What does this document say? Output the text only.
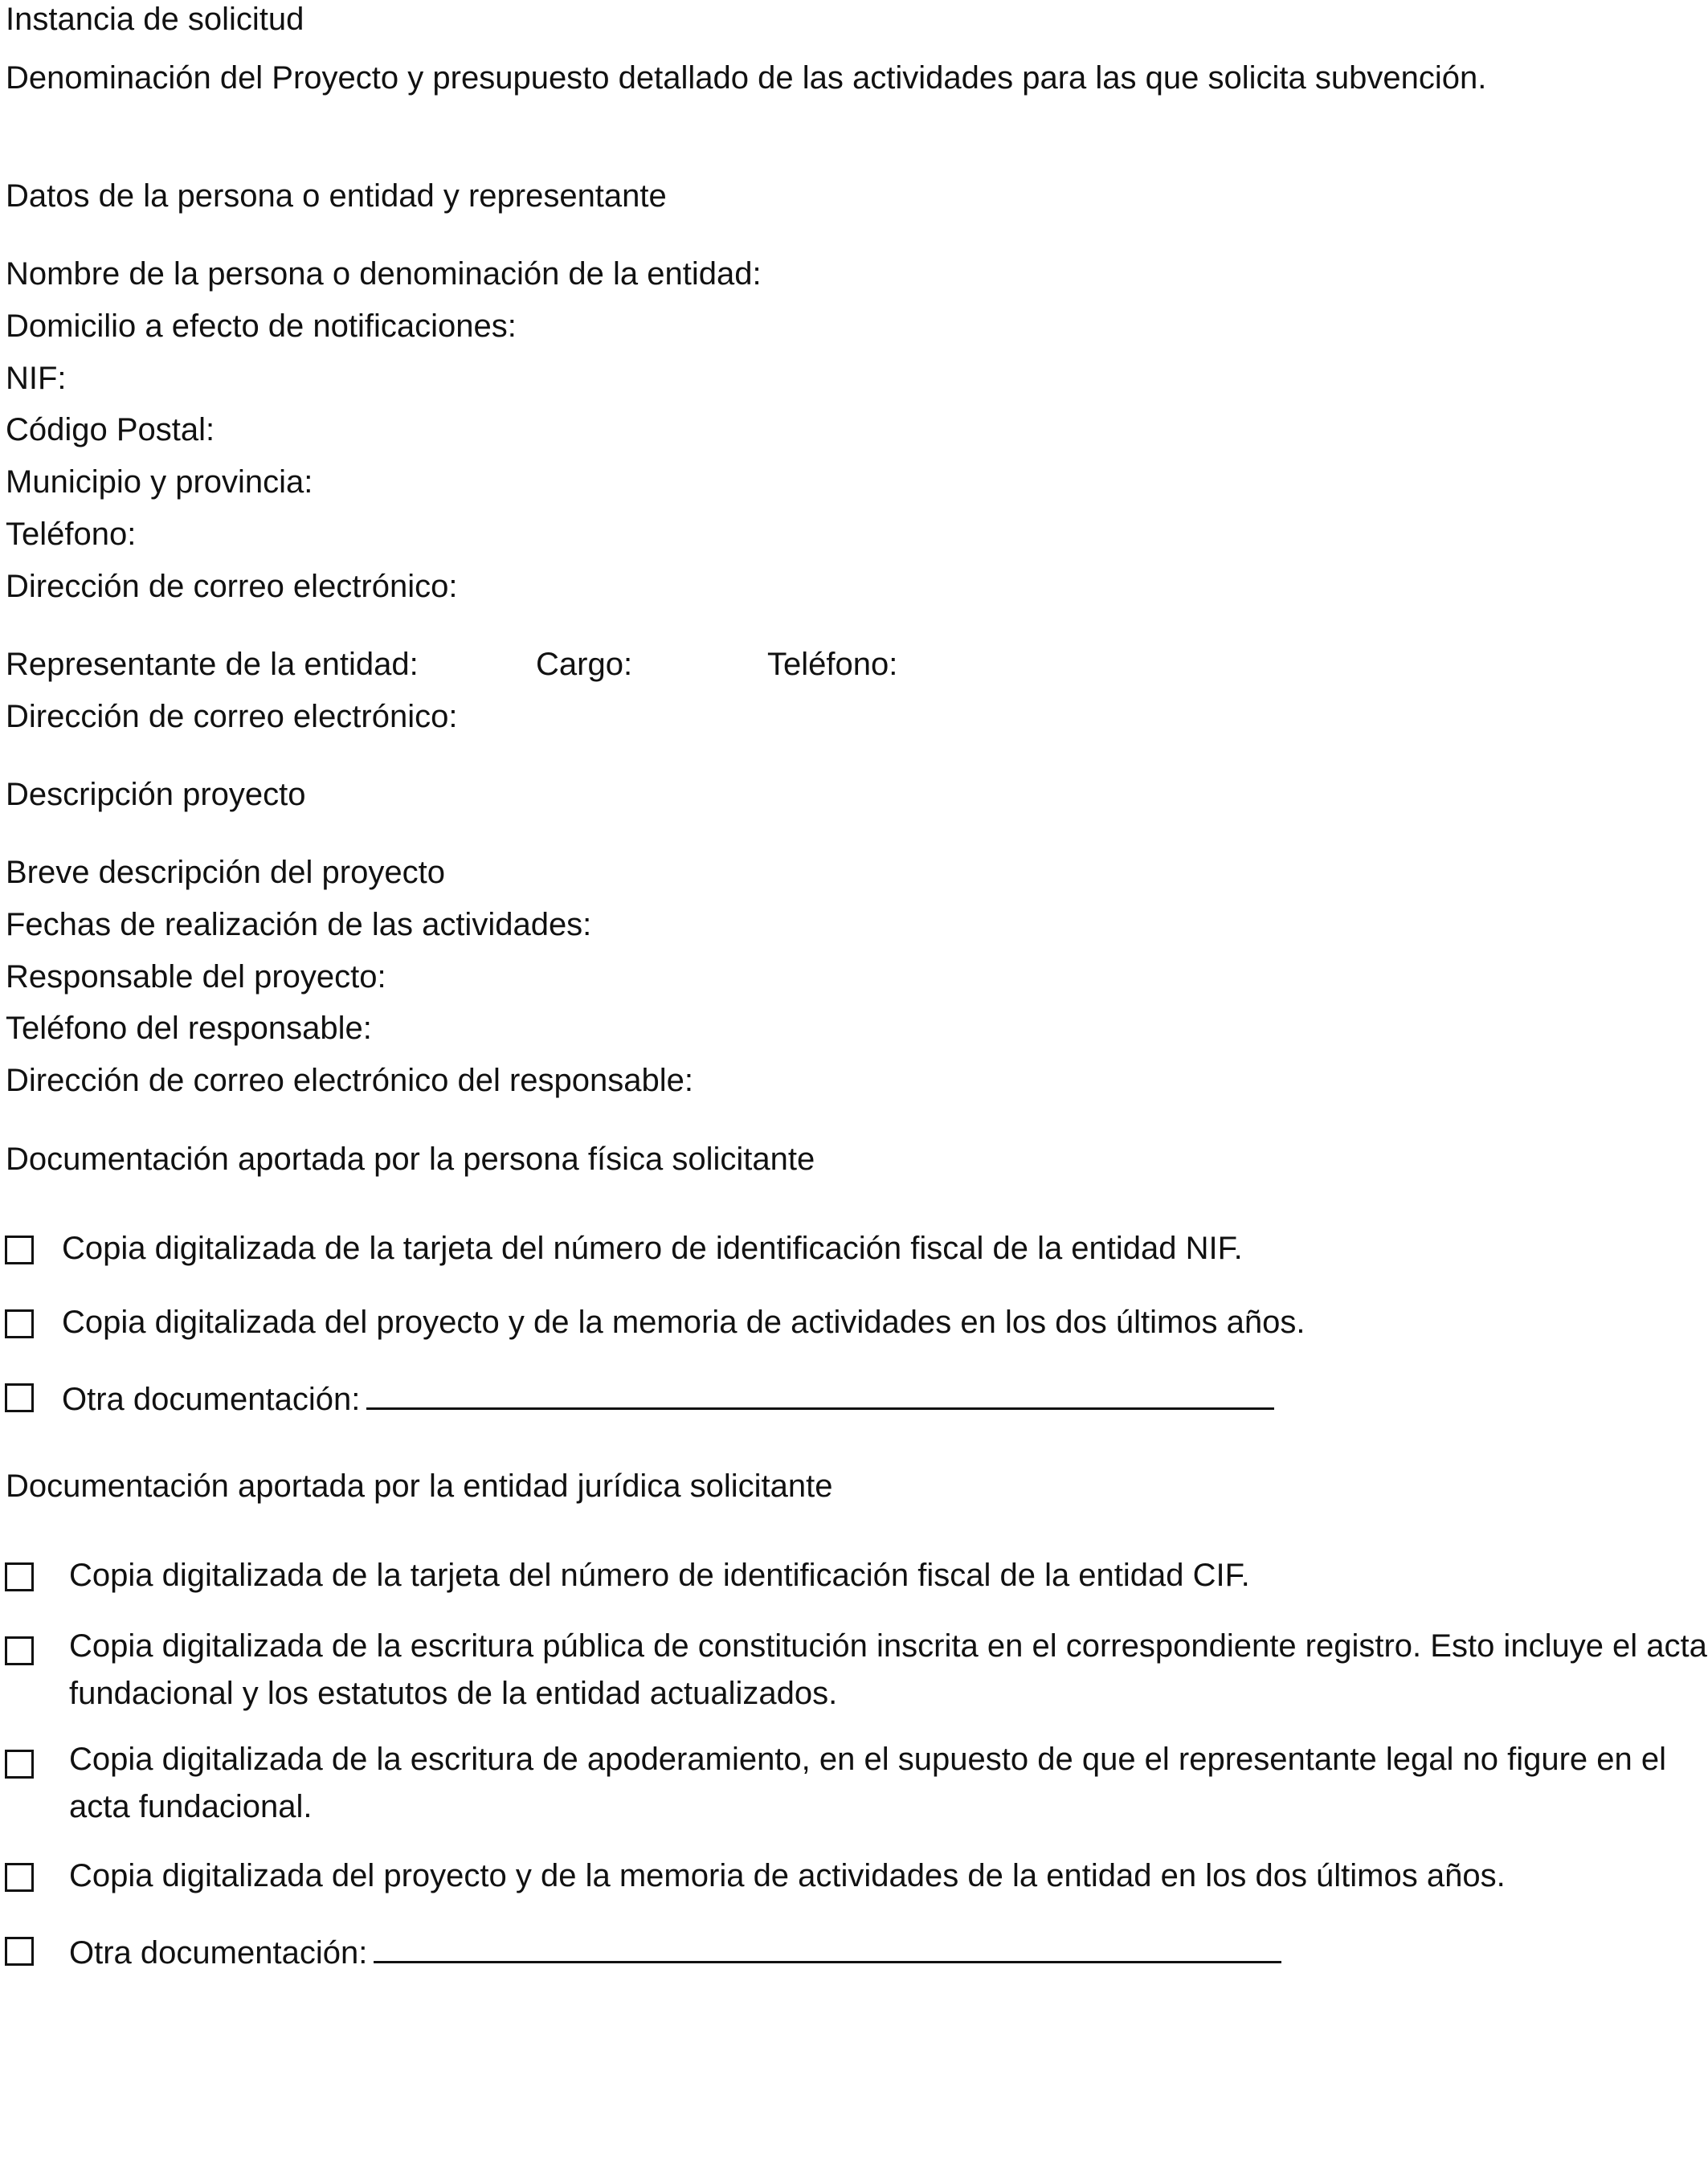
Instancia de solicitud
Denominación del Proyecto y presupuesto detallado de las actividades para las que solicita subvención.
Datos de la persona o entidad y representante
Nombre de la persona o denominación de la entidad:
Domicilio a efecto de notificaciones:
NIF:
Código Postal:
Municipio y provincia:
Teléfono:
Dirección de correo electrónico:
Representante de la entidad:	Cargo:	Teléfono:
Dirección de correo electrónico:
Descripción proyecto
Breve descripción del proyecto
Fechas de realización de las actividades:
Responsable del proyecto:
Teléfono del responsable:
Dirección de correo electrónico del responsable:
Documentación aportada por la persona física solicitante
Copia digitalizada de la tarjeta del número de identificación fiscal de la entidad NIF.
Copia digitalizada del proyecto y de la memoria de actividades en los dos últimos años.
Otra documentación:
Documentación aportada por la entidad jurídica solicitante
Copia digitalizada de la tarjeta del número de identificación fiscal de la entidad CIF.
Copia digitalizada de la escritura pública de constitución inscrita en el correspondiente registro. Esto incluye el acta fundacional y los estatutos de la entidad actualizados.
Copia digitalizada de la escritura de apoderamiento, en el supuesto de que el representante legal no figure en el acta fundacional.
Copia digitalizada del proyecto y de la memoria de actividades de la entidad en los dos últimos años.
Otra documentación:
